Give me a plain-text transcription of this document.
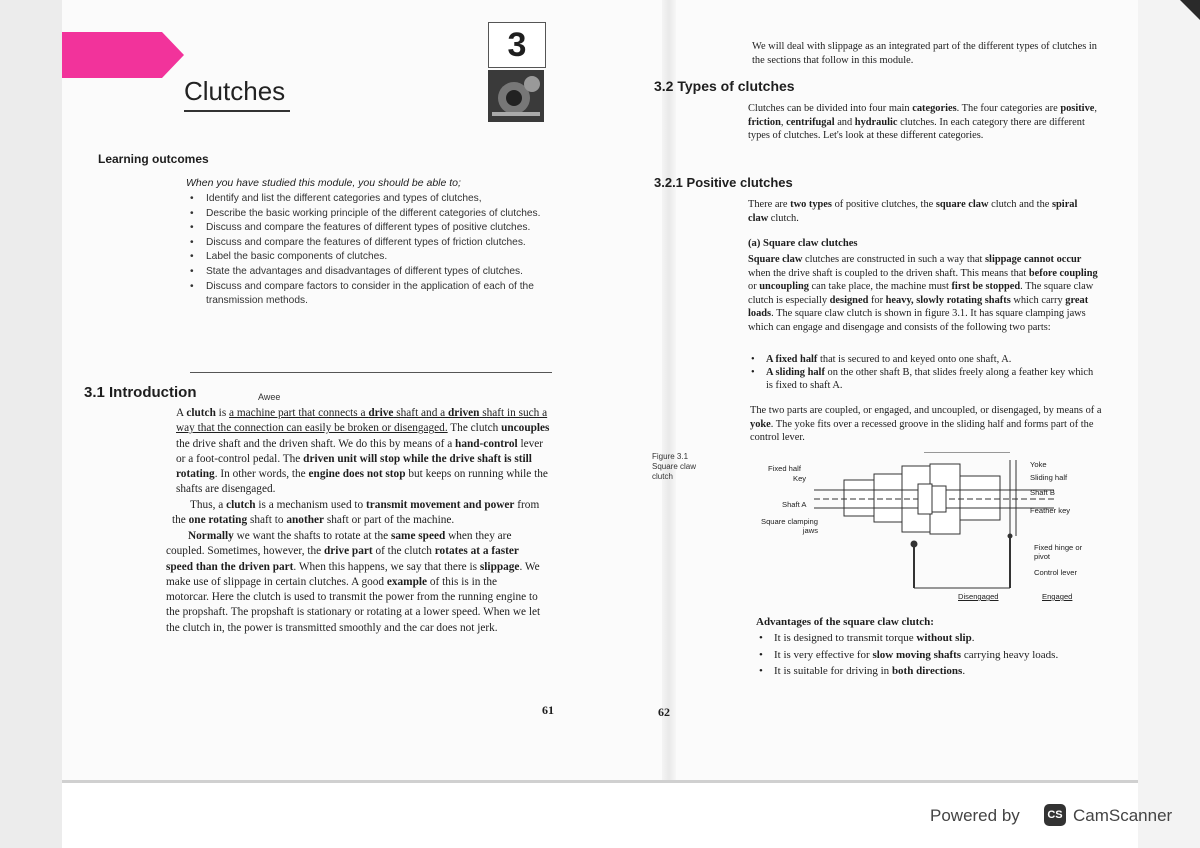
3
Clutches
Learning outcomes
When you have studied this module, you should be able to;
• Identify and list the different categories and types of clutches,
• Describe the basic working principle of the different categories of clutches.
• Discuss and compare the features of different types of positive clutches.
• Discuss and compare the features of different types of friction clutches.
• Label the basic components of clutches.
• State the advantages and disadvantages of different types of clutches.
• Discuss and compare factors to consider in the application of each of the transmission methods.
3.1 Introduction	Awee
A clutch is a machine part that connects a drive shaft and a driven shaft in such a way that the connection can easily be broken or disengaged. The clutch uncouples the drive shaft and the driven shaft. We do this by means of a hand-control lever or a foot-control pedal. The driven unit will stop while the drive shaft is still rotating. In other words, the engine does not stop but keeps on running while the shafts are disengaged.
Thus, a clutch is a mechanism used to transmit movement and power from the one rotating shaft to another shaft or part of the machine.
Normally we want the shafts to rotate at the same speed when they are coupled. Sometimes, however, the drive part of the clutch rotates at a faster speed than the driven part. When this happens, we say that there is slippage. We make use of slippage in certain clutches. A good example of this is in the motorcar. Here the clutch is used to transmit the power from the running engine to the propshaft. The propshaft is stationary or rotating at a lower speed. When we let the clutch in, the power is transmitted smoothly and the car does not jerk.
61
We will deal with slippage as an integrated part of the different types of clutches in the sections that follow in this module.
3.2 Types of clutches
Clutches can be divided into four main categories. The four categories are positive, friction, centrifugal and hydraulic clutches. In each category there are different types of clutches. Let's look at these different categories.
3.2.1 Positive clutches
There are two types of positive clutches, the square claw clutch and the spiral claw clutch.
(a) Square claw clutches
Square claw clutches are constructed in such a way that slippage cannot occur when the drive shaft is coupled to the driven shaft. This means that before coupling or uncoupling can take place, the machine must first be stopped. The square claw clutch is especially designed for heavy, slowly rotating shafts which carry great loads. The square claw clutch is shown in figure 3.1. It has square clamping jaws which can engage and disengage and consists of the following two parts:
• A fixed half that is secured to and keyed onto one shaft, A.
• A sliding half on the other shaft B, that slides freely along a feather key which is fixed to shaft A.
The two parts are coupled, or engaged, and uncoupled, or disengaged, by means of a yoke. The yoke fits over a recessed groove in the sliding half and forms part of the control lever.
Figure 3.1 Square claw clutch
Fixed half
Key
Shaft A
Square clamping jaws
Yoke
Sliding half
Shaft B
Feather key
Fixed hinge or pivot
Control lever
Disengaged	Engaged
Advantages of the square claw clutch:
• It is designed to transmit torque without slip.
• It is very effective for slow moving shafts carrying heavy loads.
• It is suitable for driving in both directions.
62
Powered by	CS CamScanner
